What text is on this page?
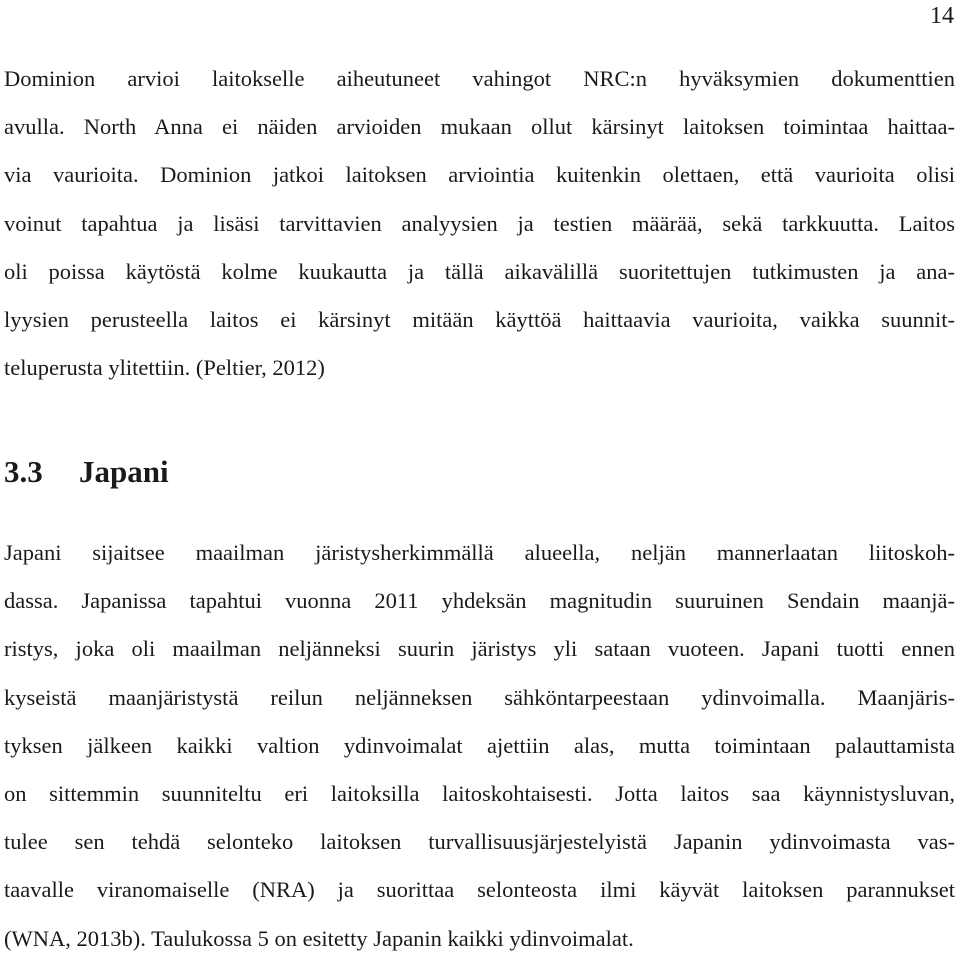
14

Dominion arvioi laitokselle aiheutuneet vahingot NRC:n hyväksymien dokumenttien
avulla. North Anna ei näiden arvioiden mukaan ollut kärsinyt laitoksen toimintaa haittaa-
via vaurioita. Dominion jatkoi laitoksen arviointia kuitenkin olettaen, että vaurioita olisi
voinut tapahtua ja lisäsi tarvittavien analyysien ja testien määrää, sekä tarkkuutta. Laitos
oli poissa käytöstä kolme kuukautta ja tällä aikavälillä suoritettujen tutkimusten ja ana-
lyysien perusteella laitos ei kärsinyt mitään käyttöä haittaavia vaurioita, vaikka suunnit-
teluperusta ylitettiin. (Peltier, 2012)

3.3 Japani

Japani sijaitsee maailman järistysherkimmällä alueella, neljän mannerlaatan liitoskoh-
dassa. Japanissa tapahtui vuonna 2011 yhdeksän magnitudin suuruinen Sendain maanjä-
ristys, joka oli maailman neljänneksi suurin järistys yli sataan vuoteen. Japani tuotti ennen
kyseistä maanjäristystä reilun neljänneksen sähköntarpeestaan ydinvoimalla. Maanjäris-
tyksen jälkeen kaikki valtion ydinvoimalat ajettiin alas, mutta toimintaan palauttamista
on sittemmin suunniteltu eri laitoksilla laitoskohtaisesti. Jotta laitos saa käynnistysluvan,
tulee sen tehdä selonteko laitoksen turvallisuusjärjestelyistä Japanin ydinvoimasta vas-
taavalle viranomaiselle (NRA) ja suorittaa selonteosta ilmi käyvät laitoksen parannukset
(WNA, 2013b). Taulukossa 5 on esitetty Japanin kaikki ydinvoimalat.
